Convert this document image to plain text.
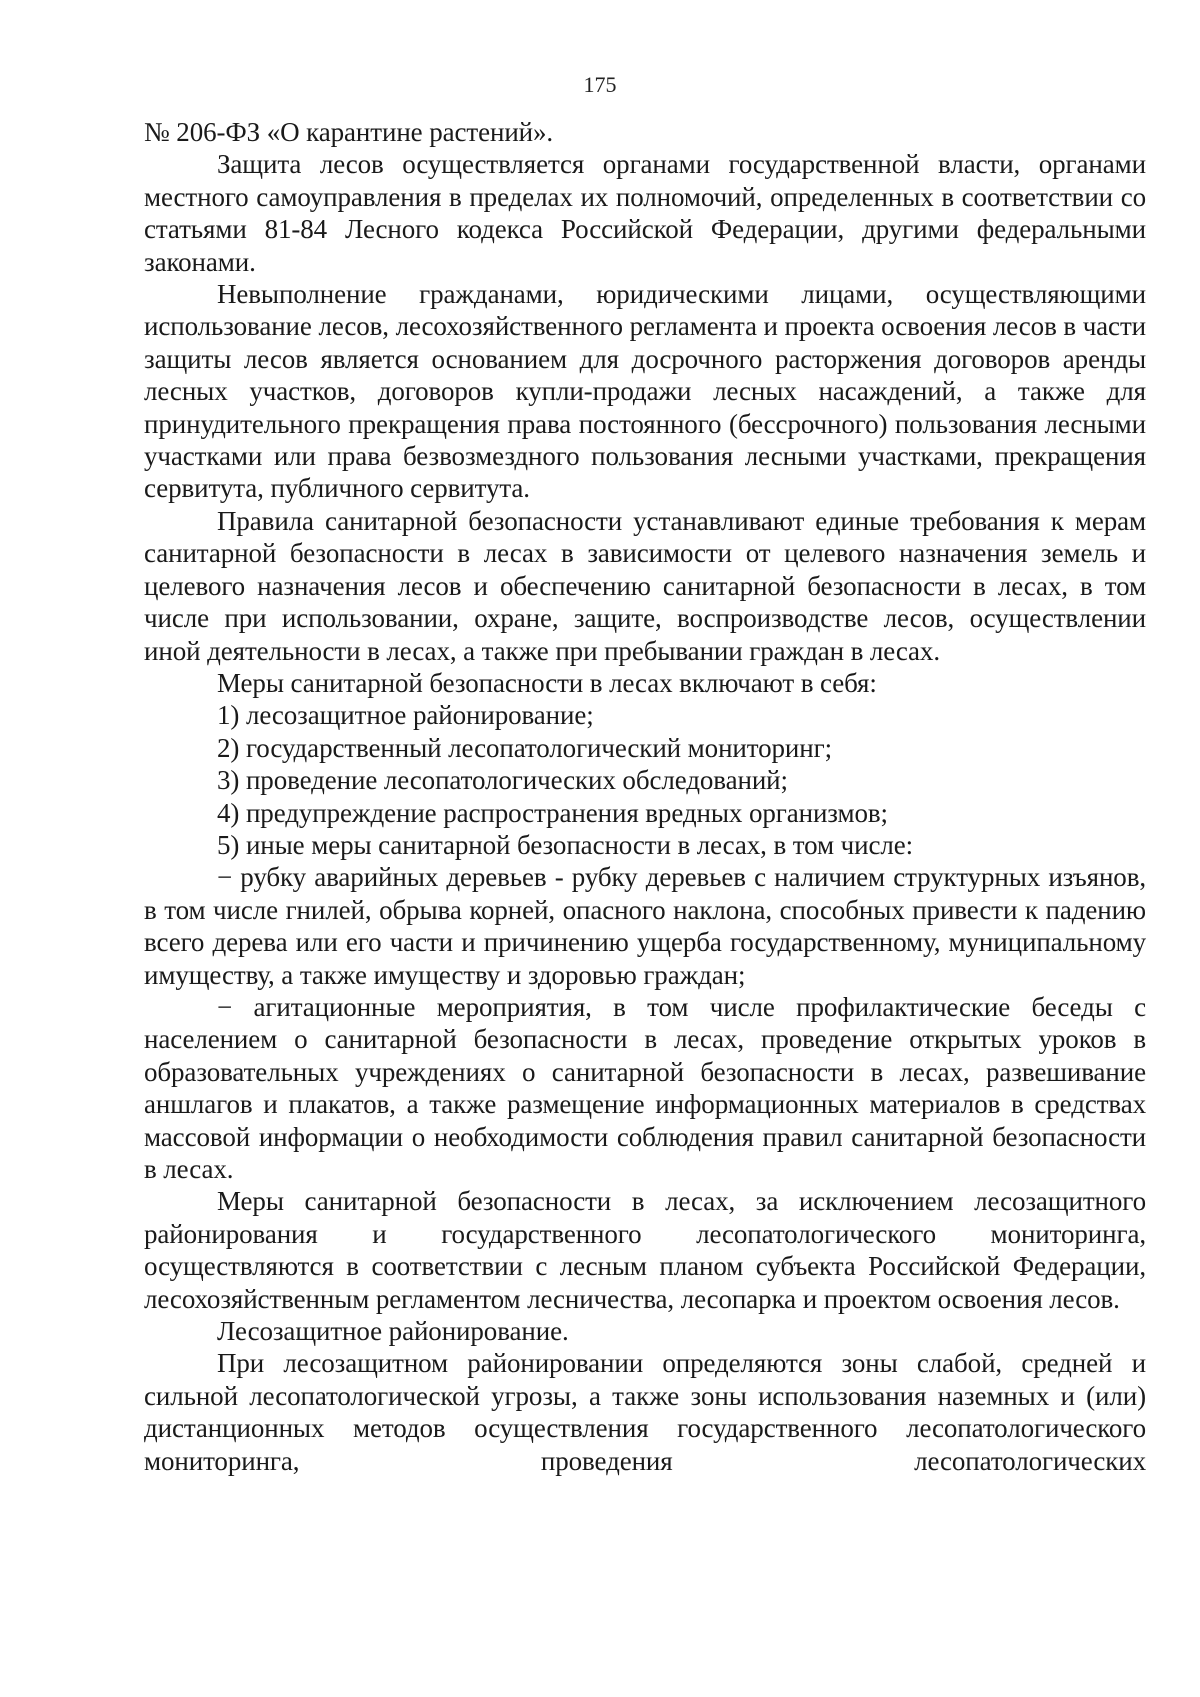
175

№ 206-ФЗ «О карантине растений».

Защита лесов осуществляется органами государственной власти, органами местного самоуправления в пределах их полномочий, определенных в соответствии со статьями 81-84 Лесного кодекса Российской Федерации, другими федеральными законами.

Невыполнение гражданами, юридическими лицами, осуществляющими использование лесов, лесохозяйственного регламента и проекта освоения лесов в части защиты лесов является основанием для досрочного расторжения договоров аренды лесных участков, договоров купли-продажи лесных насаждений, а также для принудительного прекращения права постоянного (бессрочного) пользования лесными участками или права безвозмездного пользования лесными участками, прекращения сервитута, публичного сервитута.

Правила санитарной безопасности устанавливают единые требования к мерам санитарной безопасности в лесах в зависимости от целевого назначения земель и целевого назначения лесов и обеспечению санитарной безопасности в лесах, в том числе при использовании, охране, защите, воспроизводстве лесов, осуществлении иной деятельности в лесах, а также при пребывании граждан в лесах.

Меры санитарной безопасности в лесах включают в себя:

1) лесозащитное районирование;

2) государственный лесопатологический мониторинг;

3) проведение лесопатологических обследований;

4) предупреждение распространения вредных организмов;

5) иные меры санитарной безопасности в лесах, в том числе:

− рубку аварийных деревьев - рубку деревьев с наличием структурных изъянов, в том числе гнилей, обрыва корней, опасного наклона, способных привести к падению всего дерева или его части и причинению ущерба государственному, муниципальному имуществу, а также имуществу и здоровью граждан;

− агитационные мероприятия, в том числе профилактические беседы с населением о санитарной безопасности в лесах, проведение открытых уроков в образовательных учреждениях о санитарной безопасности в лесах, развешивание аншлагов и плакатов, а также размещение информационных материалов в средствах массовой информации о необходимости соблюдения правил санитарной безопасности в лесах.

Меры санитарной безопасности в лесах, за исключением лесозащитного районирования и государственного лесопатологического мониторинга, осуществляются в соответствии с лесным планом субъекта Российской Федерации, лесохозяйственным регламентом лесничества, лесопарка и проектом освоения лесов.

Лесозащитное районирование.

При лесозащитном районировании определяются зоны слабой, средней и сильной лесопатологической угрозы, а также зоны использования наземных и (или) дистанционных методов осуществления государственного лесопатологического мониторинга, проведения лесопатологических
